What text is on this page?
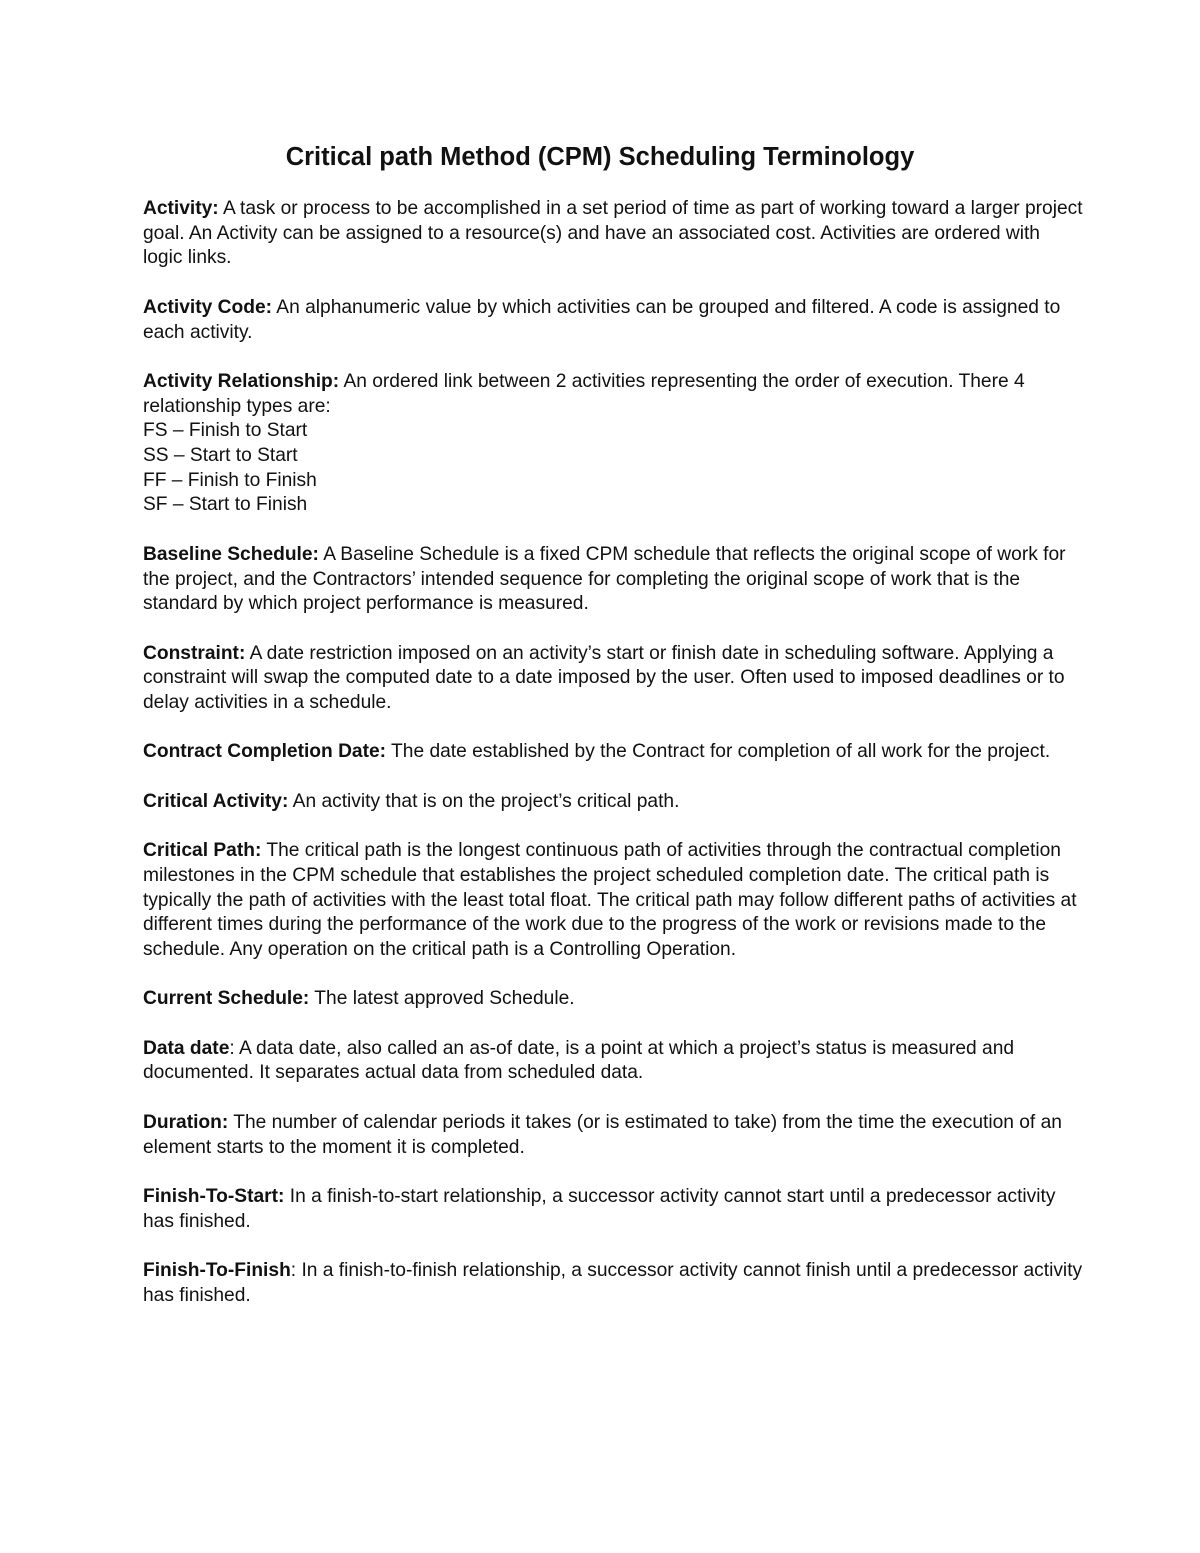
Critical path Method (CPM) Scheduling Terminology

Activity: A task or process to be accomplished in a set period of time as part of working toward a larger project goal. An Activity can be assigned to a resource(s) and have an associated cost. Activities are ordered with logic links.

Activity Code: An alphanumeric value by which activities can be grouped and filtered. A code is assigned to each activity.

Activity Relationship: An ordered link between 2 activities representing the order of execution. There 4 relationship types are:
FS – Finish to Start
SS – Start to Start
FF – Finish to Finish
SF – Start to Finish

Baseline Schedule: A Baseline Schedule is a fixed CPM schedule that reflects the original scope of work for the project, and the Contractors’ intended sequence for completing the original scope of work that is the standard by which project performance is measured.

Constraint: A date restriction imposed on an activity’s start or finish date in scheduling software. Applying a constraint will swap the computed date to a date imposed by the user. Often used to imposed deadlines or to delay activities in a schedule.

Contract Completion Date: The date established by the Contract for completion of all work for the project.

Critical Activity: An activity that is on the project’s critical path.

Critical Path: The critical path is the longest continuous path of activities through the contractual completion milestones in the CPM schedule that establishes the project scheduled completion date. The critical path is typically the path of activities with the least total float. The critical path may follow different paths of activities at different times during the performance of the work due to the progress of the work or revisions made to the schedule. Any operation on the critical path is a Controlling Operation.

Current Schedule: The latest approved Schedule.

Data date: A data date, also called an as-of date, is a point at which a project’s status is measured and documented. It separates actual data from scheduled data.

Duration: The number of calendar periods it takes (or is estimated to take) from the time the execution of an element starts to the moment it is completed.

Finish-To-Start: In a finish-to-start relationship, a successor activity cannot start until a predecessor activity has finished.

Finish-To-Finish: In a finish-to-finish relationship, a successor activity cannot finish until a predecessor activity has finished.
